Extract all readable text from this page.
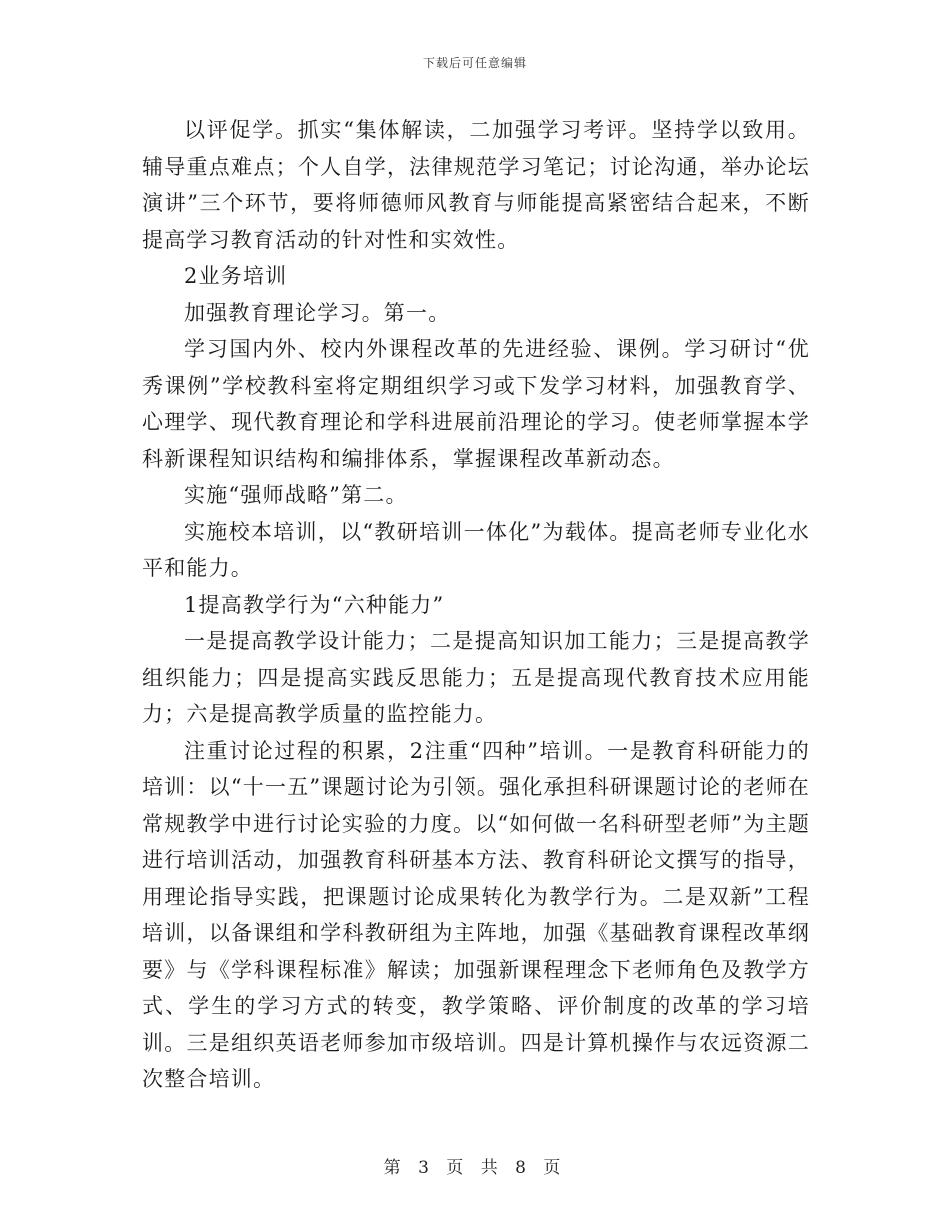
下载后可任意编辑

以评促学。抓实“集体解读，二加强学习考评。坚持学以致用。辅导重点难点；个人自学，法律规范学习笔记；讨论沟通，举办论坛演讲”三个环节，要将师德师风教育与师能提高紧密结合起来，不断提高学习教育活动的针对性和实效性。

2业务培训

加强教育理论学习。第一。

学习国内外、校内外课程改革的先进经验、课例。学习研讨“优秀课例”学校教科室将定期组织学习或下发学习材料，加强教育学、心理学、现代教育理论和学科进展前沿理论的学习。使老师掌握本学科新课程知识结构和编排体系，掌握课程改革新动态。

实施“强师战略”第二。

实施校本培训，以“教研培训一体化”为载体。提高老师专业化水平和能力。

1提高教学行为“六种能力”

一是提高教学设计能力；二是提高知识加工能力；三是提高教学组织能力；四是提高实践反思能力；五是提高现代教育技术应用能力；六是提高教学质量的监控能力。

注重讨论过程的积累，2注重“四种”培训。一是教育科研能力的培训：以“十一五”课题讨论为引领。强化承担科研课题讨论的老师在常规教学中进行讨论实验的力度。以“如何做一名科研型老师”为主题进行培训活动，加强教育科研基本方法、教育科研论文撰写的指导，用理论指导实践，把课题讨论成果转化为教学行为。二是双新”工程培训，以备课组和学科教研组为主阵地，加强《基础教育课程改革纲要》与《学科课程标准》解读；加强新课程理念下老师角色及教学方式、学生的学习方式的转变，教学策略、评价制度的改革的学习培训。三是组织英语老师参加市级培训。四是计算机操作与农远资源二次整合培训。

第 3 页 共 8 页
